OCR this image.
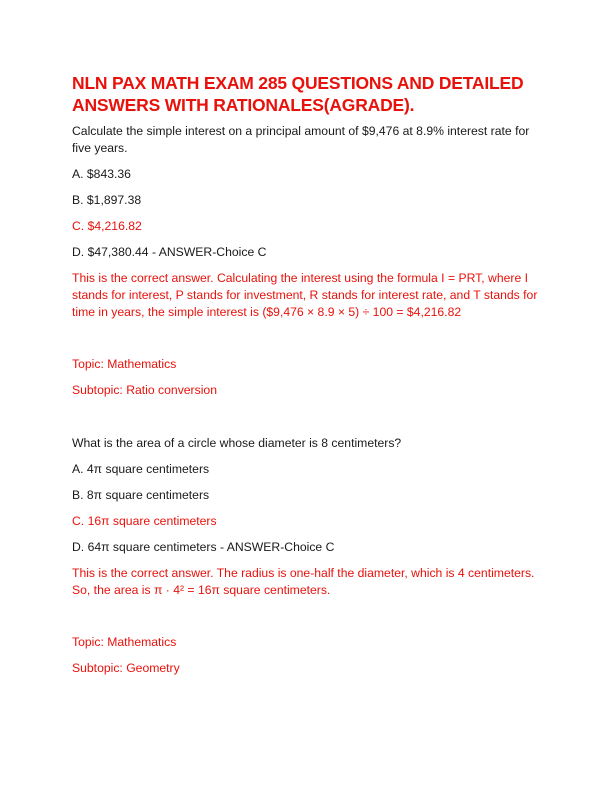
NLN PAX MATH EXAM 285 QUESTIONS AND DETAILED ANSWERS WITH RATIONALES(AGRADE).

Calculate the simple interest on a principal amount of $9,476 at 8.9% interest rate for five years.

A. $843.36

B. $1,897.38

C. $4,216.82

D. $47,380.44 - ANSWER-Choice C

This is the correct answer. Calculating the interest using the formula I = PRT, where I stands for interest, P stands for investment, R stands for interest rate, and T stands for time in years, the simple interest is ($9,476 × 8.9 × 5) ÷ 100 = $4,216.82

Topic: Mathematics

Subtopic: Ratio conversion

What is the area of a circle whose diameter is 8 centimeters?

A. 4π square centimeters

B. 8π square centimeters

C. 16π square centimeters

D. 64π square centimeters - ANSWER-Choice C

This is the correct answer. The radius is one-half the diameter, which is 4 centimeters. So, the area is π · 4² = 16π square centimeters.

Topic: Mathematics

Subtopic: Geometry
